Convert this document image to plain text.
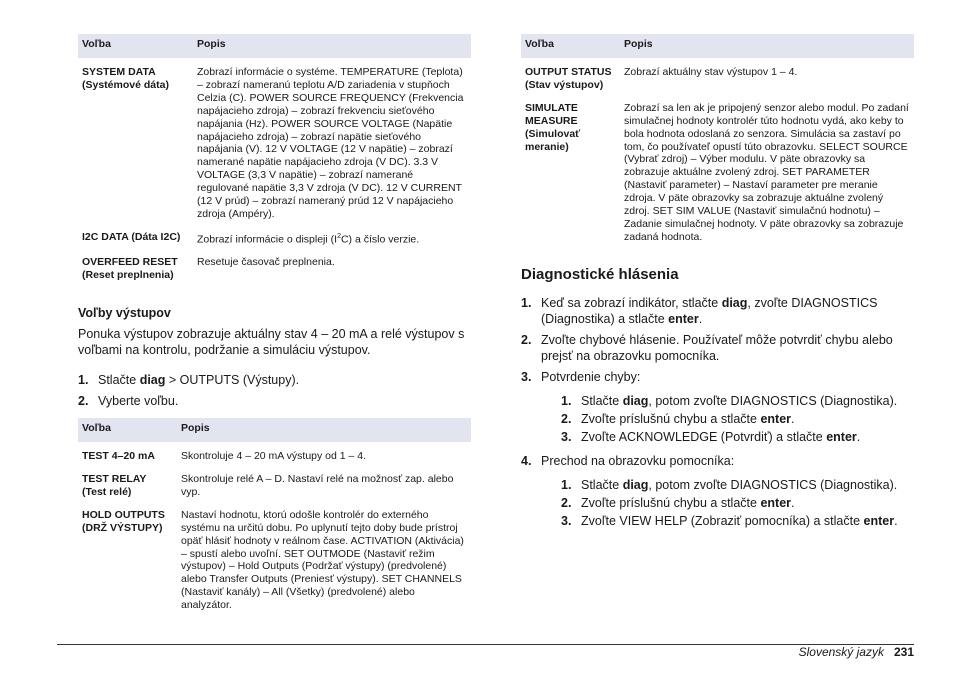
Voľba	Popis
SYSTEM DATA (Systémové dáta)	Zobrazí informácie o systéme. TEMPERATURE (Teplota) – zobrazí nameranú teplotu A/D zariadenia v stupňoch Celzia (C). POWER SOURCE FREQUENCY (Frekvencia napájacieho zdroja) – zobrazí frekvenciu sieťového napájania (Hz). POWER SOURCE VOLTAGE (Napätie napájacieho zdroja) – zobrazí napätie sieťového napájania (V). 12 V VOLTAGE (12 V napätie) – zobrazí namerané napätie napájacieho zdroja (V DC). 3.3 V VOLTAGE (3,3 V napätie) – zobrazí namerané regulované napätie 3,3 V zdroja (V DC). 12 V CURRENT (12 V prúd) – zobrazí nameraný prúd 12 V napájacieho zdroja (Ampéry).
I2C DATA (Dáta I2C)	Zobrazí informácie o displeji $(I^2C)$ a číslo verzie.
OVERFEED RESET (Reset preplnenia)	Resetuje časovač preplnenia.
Voľby výstupov

Ponuka výstupov zobrazuje aktuálny stav 4 – 20 mA a relé výstupov s voľbami na kontrolu, podržanie a simuláciu výstupov.

1. Stlačte diag > OUTPUTS (Výstupy).
2. Vyberte voľbu.
Voľba	Popis
TEST 4–20 mA	Skontroluje 4 – 20 mA výstupy od 1 – 4.
TEST RELAY (Test relé)	Skontroluje relé A – D. Nastaví relé na možnosť zap. alebo vyp.
HOLD OUTPUTS (DRŽ VÝSTUPY)	Nastaví hodnotu, ktorú odošle kontrolér do externého systému na určitú dobu. Po uplynutí tejto doby bude prístroj opäť hlásiť hodnoty v reálnom čase. ACTIVATION (Aktivácia) – spustí alebo uvoľní. SET OUTMODE (Nastaviť režim výstupov) – Hold Outputs (Podržať výstupy) (predvolené) alebo Transfer Outputs (Preniesť výstupy). SET CHANNELS (Nastaviť kanály) – All (Všetky) (predvolené) alebo analyzátor.
Voľba	Popis
OUTPUT STATUS (Stav výstupov)	Zobrazí aktuálny stav výstupov 1 – 4.
SIMULATE MEASURE (Simulovať meranie)	Zobrazí sa len ak je pripojený senzor alebo modul. Po zadaní simulačnej hodnoty kontrolér túto hodnotu vydá, ako keby to bola hodnota odoslaná zo senzora. Simulácia sa zastaví po tom, čo používateľ opustí túto obrazovku. SELECT SOURCE (Vybrať zdroj) – Výber modulu. V päte obrazovky sa zobrazuje aktuálne zvolený zdroj. SET PARAMETER (Nastaviť parameter) – Nastaví parameter pre meranie zdroja. V päte obrazovky sa zobrazuje aktuálne zvolený zdroj. SET SIM VALUE (Nastaviť simulačnú hodnotu) – Zadanie simulačnej hodnoty. V päte obrazovky sa zobrazuje zadaná hodnota.
Diagnostické hlásenia
1. Keď sa zobrazí indikátor, stlačte diag, zvoľte DIAGNOSTICS (Diagnostika) a stlačte enter.
2. Zvoľte chybové hlásenie. Používateľ môže potvrdiť chybu alebo prejsť na obrazovku pomocníka.
3. Potvrdenie chyby:
1. Stlačte diag, potom zvoľte DIAGNOSTICS (Diagnostika).
2. Zvoľte príslušnú chybu a stlačte enter.
3. Zvoľte ACKNOWLEDGE (Potvrdiť) a stlačte enter.
4. Prechod na obrazovku pomocníka:
1. Stlačte diag, potom zvoľte DIAGNOSTICS (Diagnostika).
2. Zvoľte príslušnú chybu a stlačte enter.
3. Zvoľte VIEW HELP (Zobraziť pomocníka) a stlačte enter.
Slovenský jazyk 231
